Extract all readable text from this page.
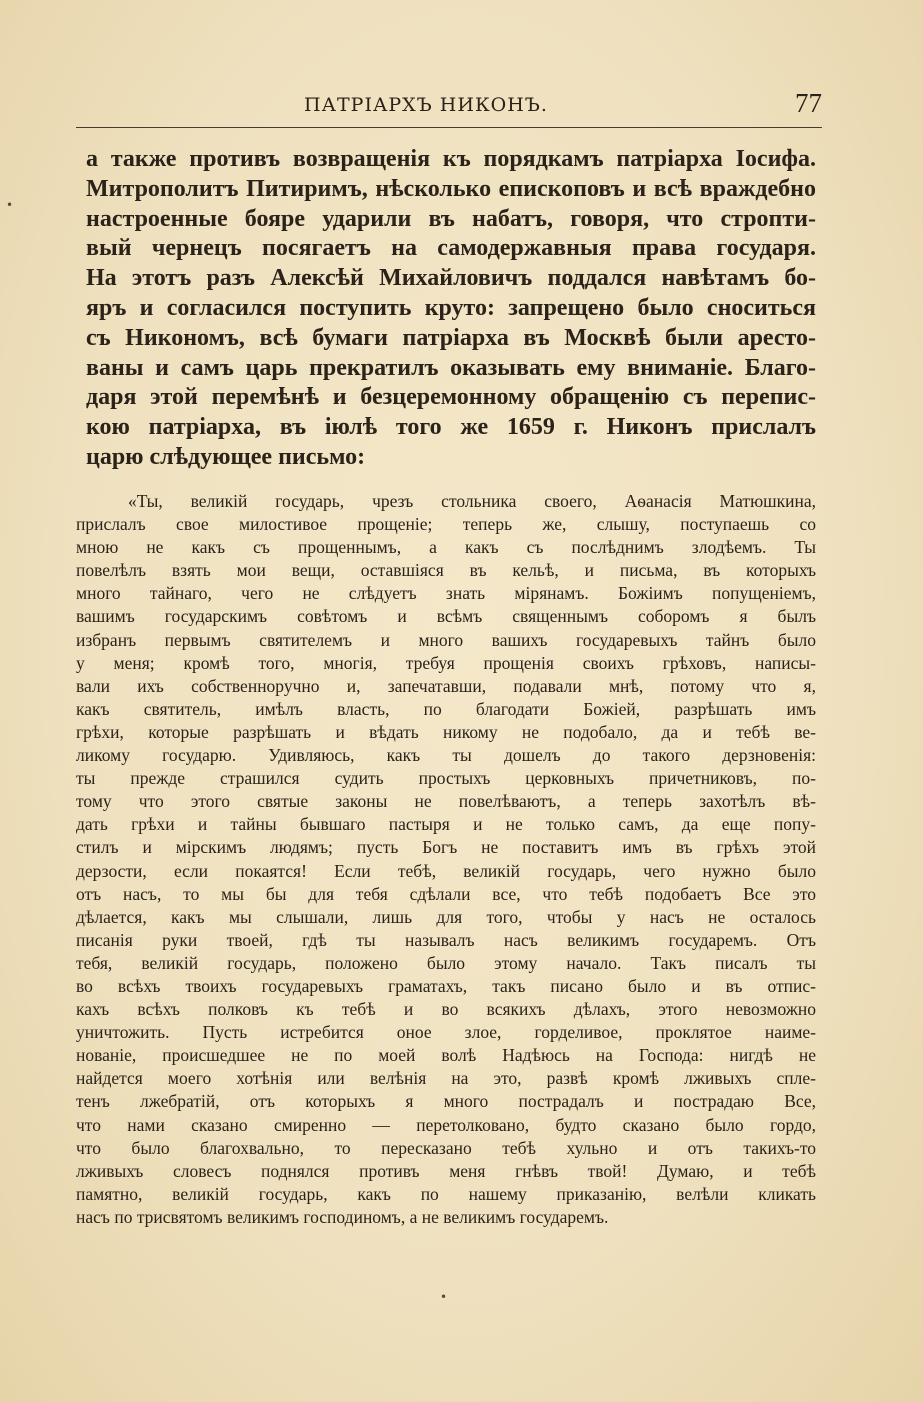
ПАТРІАРХЪ НИКОНЪ.	77
а также противъ возвращенія къ порядкамъ патріарха Іосифа.
Митрополитъ Питиримъ, нѣсколько епископовъ и всѣ враждебно
настроенные бояре ударили въ набатъ, говоря, что стропти-
вый чернецъ посягаетъ на самодержавныя права государя.
На этотъ разъ Алексѣй Михайловичъ поддался навѣтамъ бо-
яръ и согласился поступить круто: запрещено было сноситься
съ Никономъ, всѣ бумаги патріарха въ Москвѣ были аресто-
ваны и самъ царь прекратилъ оказывать ему вниманіе. Благо-
даря этой перемѣнѣ и безцеремонному обращенію съ перепис-
кою патріарха, въ іюлѣ того же 1659 г. Никонъ прислалъ
царю слѣдующее письмо:
«Ты, великій государь, чрезъ стольника своего, Аѳанасія Матюшкина,
прислалъ свое милостивое прощеніе; теперь же, слышу, поступаешь со
мною не какъ съ прощеннымъ, а какъ съ послѣднимъ злодѣемъ. Ты
повелѣлъ взять мои вещи, оставшіяся въ кельѣ, и письма, въ которыхъ
много тайнаго, чего не слѣдуетъ знать мірянамъ. Божіимъ попущеніемъ,
вашимъ государскимъ совѣтомъ и всѣмъ священнымъ соборомъ я былъ
избранъ первымъ святителемъ и много вашихъ государевыхъ тайнъ было
у меня; кромѣ того, многія, требуя прощенія своихъ грѣховъ, написы-
вали ихъ собственноручно и, запечатавши, подавали мнѣ, потому что я,
какъ святитель, имѣлъ власть, по благодати Божіей, разрѣшать имъ
грѣхи, которые разрѣшать и вѣдать никому не подобало, да и тебѣ ве-
ликому государю. Удивляюсь, какъ ты дошелъ до такого дерзновенія:
ты прежде страшился судить простыхъ церковныхъ причетниковъ, по-
тому что этого святые законы не повелѣваютъ, а теперь захотѣлъ вѣ-
дать грѣхи и тайны бывшаго пастыря и не только самъ, да еще попу-
стилъ и мірскимъ людямъ; пусть Богъ не поставитъ имъ въ грѣхъ этой
дерзости, если покаятся! Если тебѣ, великій государь, чего нужно было
отъ насъ, то мы бы для тебя сдѣлали все, что тебѣ подобаетъ Все это
дѣлается, какъ мы слышали, лишь для того, чтобы у насъ не осталось
писанія руки твоей, гдѣ ты называлъ насъ великимъ государемъ. Отъ
тебя, великій государь, положено было этому начало. Такъ писалъ ты
во всѣхъ твоихъ государевыхъ граматахъ, такъ писано было и въ отпис-
кахъ всѣхъ полковъ къ тебѣ и во всякихъ дѣлахъ, этого невозможно
уничтожить. Пусть истребится оное злое, горделивое, проклятое наиме-
нованіе, происшедшее не по моей волѣ Надѣюсь на Господа: нигдѣ не
найдется моего хотѣнія или велѣнія на это, развѣ кромѣ лживыхъ спле-
тенъ лжебратій, отъ которыхъ я много пострадалъ и пострадаю Все,
что нами сказано смиренно — перетолковано, будто сказано было гордо,
что было благохвально, то пересказано тебѣ хульно и отъ такихъ-то
лживыхъ словесъ поднялся противъ меня гнѣвъ твой! Думаю, и тебѣ
памятно, великій государь, какъ по нашему приказанію, велѣли кликать
насъ по трисвятомъ великимъ господиномъ, а не великимъ государемъ.
•
•
